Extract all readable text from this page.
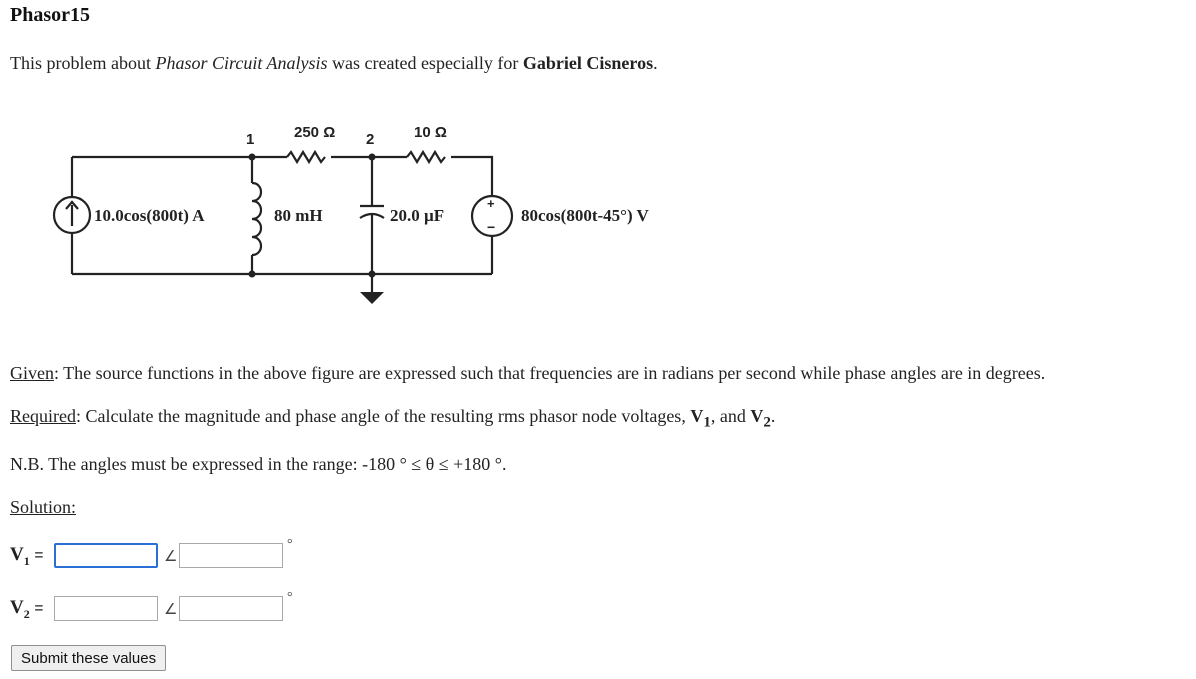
Phasor15
This problem about Phasor Circuit Analysis was created especially for Gabriel Cisneros.
1	2
250 Ω	10 Ω
10.0cos(800t) A	80 mH	20.0 µF	80cos(800t-45°) V
+
−
Given: The source functions in the above figure are expressed such that frequencies are in radians per second while phase angles are in degrees.
Required: Calculate the magnitude and phase angle of the resulting rms phasor node voltages, $V_1$, and $V_2$.
N.B. The angles must be expressed in the range: -180 ° ≤ θ ≤ +180 °.
Solution:
$V_1$ =	∠
°
$V_2$ =	∠
°
Submit these values
